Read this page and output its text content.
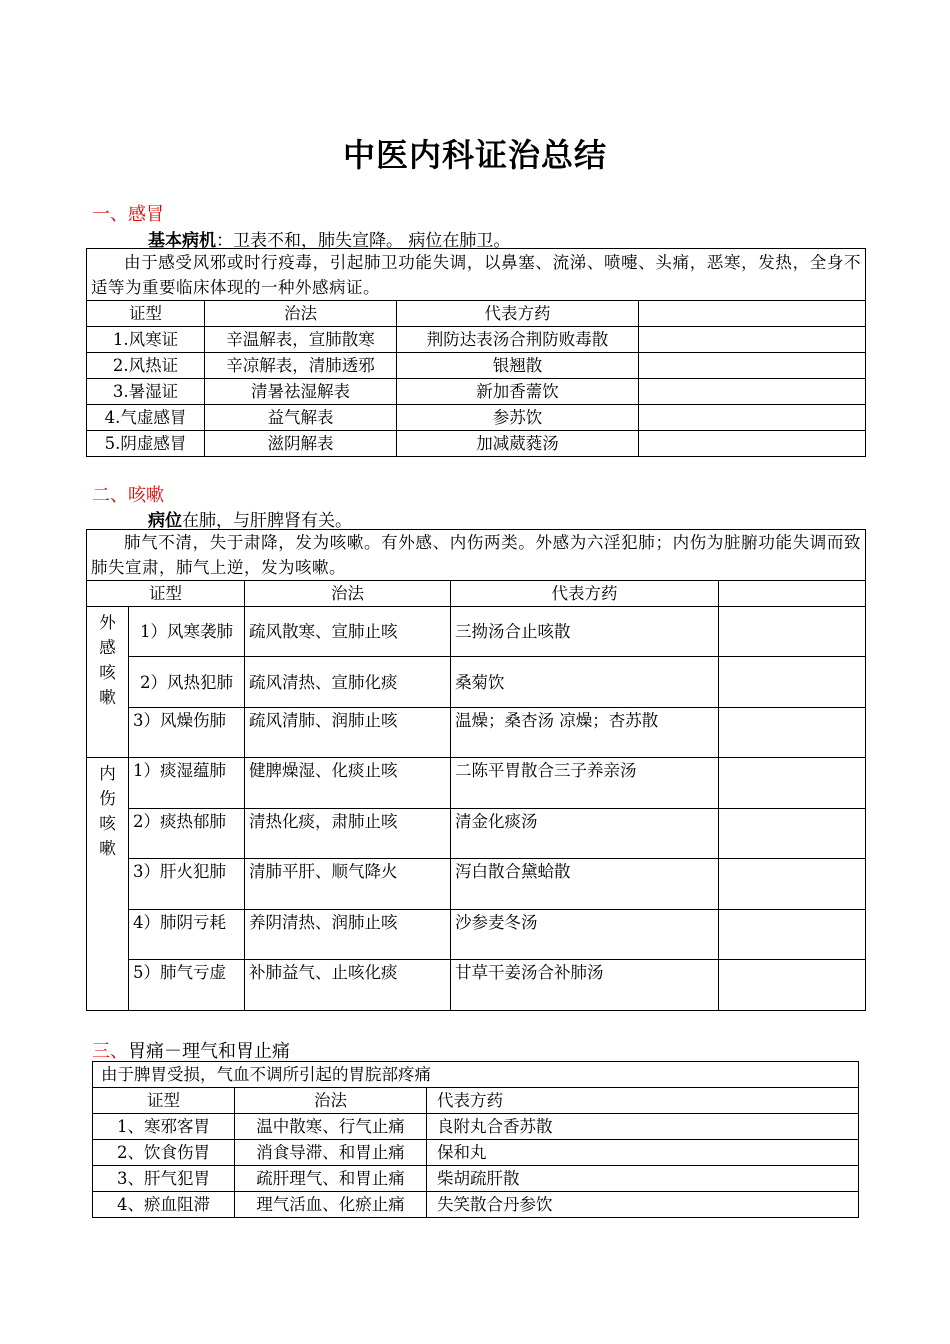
中医内科证治总结
一、感冒
基本病机：卫表不和，肺失宣降。 病位在肺卫。
由于感受风邪或时行疫毒，引起肺卫功能失调，以鼻塞、流涕、喷嚏、头痛，恶寒，发热，全身不适等为重要临床体现的一种外感病证。			
证型	治法	代表方药	
1.风寒证	辛温解表，宣肺散寒	荆防达表汤合荆防败毒散	
2.风热证	辛凉解表，清肺透邪	银翘散	
3.暑湿证	清暑祛湿解表	新加香薷饮	
4.气虚感冒	益气解表	参苏饮	
5.阴虚感冒	滋阴解表	加减葳蕤汤	
二、咳嗽
病位在肺，与肝脾肾有关。
肺气不清，失于肃降，发为咳嗽。有外感、内伤两类。外感为六淫犯肺；内伤为脏腑功能失调而致肺失宣肃，肺气上逆，发为咳嗽。				
证型		治法	代表方药	

外
感
咳
嗽	1）风寒袭肺	疏风散寒、宣肺止咳	三拗汤合止咳散	
	2）风热犯肺	疏风清热、宣肺化痰	桑菊饮	
	3）风燥伤肺	疏风清肺、润肺止咳	温燥；桑杏汤 凉燥；杏苏散	

内
伤
咳
嗽	1）痰湿蕴肺	健脾燥湿、化痰止咳	二陈平胃散合三子养亲汤	
	2）痰热郁肺	清热化痰，肃肺止咳	清金化痰汤	
	3）肝火犯肺	清肺平肝、顺气降火	泻白散合黛蛤散	
	4）肺阴亏耗	养阴清热、润肺止咳	沙参麦冬汤	
	5）肺气亏虚	补肺益气、止咳化痰	甘草干姜汤合补肺汤	
三、胃痛－理气和胃止痛
由于脾胃受损，气血不调所引起的胃脘部疼痛		
证型	治法	代表方药
1、寒邪客胃	温中散寒、行气止痛	良附丸合香苏散
2、饮食伤胃	消食导滞、和胃止痛	保和丸
3、肝气犯胃	疏肝理气、和胃止痛	柴胡疏肝散
4、瘀血阻滞	理气活血、化瘀止痛	失笑散合丹参饮
